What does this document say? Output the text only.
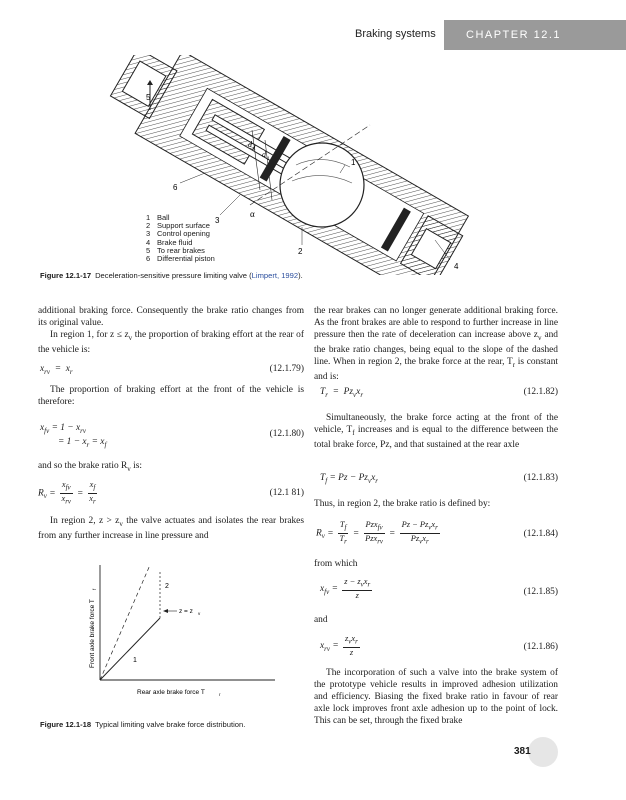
Braking systems	CHAPTER 12.1
5
d
4
d
1	1
6
3
α
2
4
1 Ball
2 Support surface
3 Control opening
4 Brake fluid
5 To rear brakes
6 Differential piston
Figure 12.1-17 Deceleration-sensitive pressure limiting valve (Limpert, 1992).

additional braking force. Consequently the brake ratio changes from its original value.

In region 1, for $z \le z_v$ the proportion of braking effort at the rear of the vehicle is:

$x_{rv} = x_r$	(12.1.79)

The proportion of braking effort at the front of the vehicle is therefore:

$x_{fv} = 1 - x_{rv}$
= $1 - x_r = x_f$
(12.1.80)

and so the brake ratio $R_v$ is:

$R_v = \frac{x_{fv}}{x_{rv}} = \frac{x_f}{x_r}$	(12.1 81)

In region 2, $z > z_v$ the valve actuates and isolates the rear brakes from any further increase in line pressure and

2
z = z v
1
Rear axle brake force T	r
Front axle brake force T
f
Figure 12.1-18 Typical limiting valve brake force distribution.

the rear brakes can no longer generate additional braking force. As the front brakes are able to respond to further increase in line pressure then the rate of deceleration can increase above $z_v$ and the brake ratio changes, being equal to the slope of the dashed line. When in region 2, the brake force at the rear, $T_r$ is constant and is:

$T_r = Pz_vx_r$	(12.1.82)

Simultaneously, the brake force acting at the front of the vehicle, $T_f$ increases and is equal to the difference between the total brake force, Pz, and that sustained at the rear axle

$T_f = Pz - Pz_vx_r$	(12.1.83)

Thus, in region 2, the brake ratio is defined by:

$R_v = \frac{T_f}{T_r} = \frac{Pzx_{fv}}{Pzx_{rv}} = \frac{Pz - Pz_vx_r}{Pz_vx_r}$	(12.1.84)

from which

$x_{fv} = \frac{z - z_vx_r}{z}$	(12.1.85)

and

$x_{rv} = \frac{z_vx_r}{z}$	(12.1.86)

The incorporation of such a valve into the brake system of the prototype vehicle results in improved adhesion utilization and efficiency. Biasing the fixed brake ratio in favour of rear axle lock improves front axle adhesion up to the point of lock. This can be set, through the fixed brake

381
